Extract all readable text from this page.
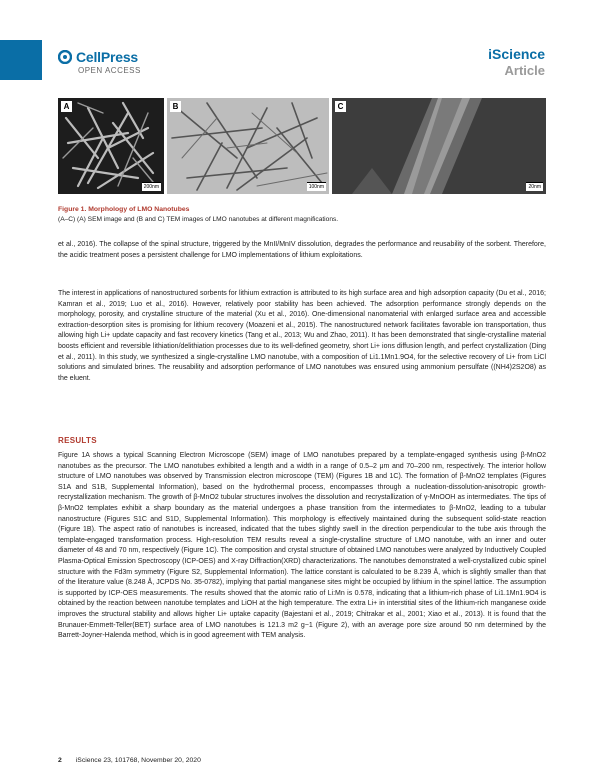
CellPress
OPEN ACCESS
iScience
Article
A
200nm
B
100nm
C
20nm
Figure 1. Morphology of LMO Nanotubes
(A–C) (A) SEM image and (B and C) TEM images of LMO nanotubes at different magnifications.

et al., 2016). The collapse of the spinal structure, triggered by the MnII/MnIV dissolution, degrades the performance and reusability of the sorbent. Therefore, the acidic treatment poses a persistent challenge for LMO implementations of lithium exploitations.

The interest in applications of nanostructured sorbents for lithium extraction is attributed to its high surface area and high adsorption capacity (Du et al., 2016; Kamran et al., 2019; Luo et al., 2016). However, relatively poor stability has been achieved. The adsorption performance strongly depends on the morphology, porosity, and crystalline structure of the material (Xu et al., 2016). One-dimensional nanomaterial with enlarged surface area and accessible extraction-desorption sites is promising for lithium recovery (Moazeni et al., 2015). The nanostructured network facilitates favorable ion transportation, thus allowing high Li+ update capacity and fast recovery kinetics (Tang et al., 2013; Wu and Zhao, 2011). It has been demonstrated that single-crystalline material boosts efficient and reversible lithiation/delithiation processes due to its well-defined geometry, short Li+ ions diffusion length, and perfect crystallization (Ding et al., 2011). In this study, we synthesized a single-crystalline LMO nanotube, with a composition of Li1.1Mn1.9O4, for the selective recovery of Li+ from LiCl solutions and simulated brines. The reusability and adsorption performance of LMO nanotubes was ensured using ammonium persulfate ((NH4)2S2O8) as the eluent.

RESULTS

Figure 1A shows a typical Scanning Electron Microscope (SEM) image of LMO nanotubes prepared by a template-engaged synthesis using β-MnO2 nanotubes as the precursor. The LMO nanotubes exhibited a length and a width in a range of 0.5–2 μm and 70–200 nm, respectively. The interior hollow structure of LMO nanotubes was observed by Transmission electron microscope (TEM) (Figures 1B and 1C). The formation of β-MnO2 templates (Figures S1A and S1B, Supplemental Information), based on the hydrothermal process, encompasses through a nucleation-dissolution-anisotropic growth-recrystallization mechanism. The growth of β-MnO2 tubular structures involves the dissolution and recrystallization of γ-MnOOH as intermediates. The tips of β-MnO2 templates exhibit a sharp boundary as the material undergoes a phase transition from the intermediates to β-MnO2, leading to a tubular nanostructure (Figures S1C and S1D, Supplemental Information). This morphology is effectively maintained during the subsequent solid-state reaction (Figure 1B). The aspect ratio of nanotubes is increased, indicated that the tubes slightly swell in the direction perpendicular to the tube axis through the template-engaged transformation process. High-resolution TEM results reveal a single-crystalline structure of LMO nanotube, with an inner and outer diameter of 48 and 70 nm, respectively (Figure 1C). The composition and crystal structure of obtained LMO nanotubes were analyzed by Inductively Coupled Plasma-Optical Emission Spectroscopy (ICP-OES) and X-ray Diffraction(XRD) characterizations. The nanotubes demonstrated a well-crystallized cubic spinel structure with the Fd3m symmetry (Figure S2, Supplemental Information). The lattice constant is calculated to be 8.239 Å, which is slightly smaller than that of the literature value (8.248 Å, JCPDS No. 35-0782), implying that partial manganese sites might be occupied by lithium in the spinel lattice. The assumption is supported by ICP-OES measurements. The results showed that the atomic ratio of Li:Mn is 0.578, indicating that a lithium-rich phase of Li1.1Mn1.9O4 is obtained by the reaction between nanotube templates and LiOH at the high temperature. The extra Li+ in interstitial sites of the lithium-rich manganese oxide improves the structural stability and allows higher Li+ uptake capacity (Bajestani et al., 2019; Chitrakar et al., 2001; Xiao et al., 2013). It is found that the Brunauer-Emmett-Teller(BET) surface area of LMO nanotubes is 121.3 m2 g−1 (Figure 2), with an average pore size around 50 nm determined by the Barrett-Joyner-Halenda method, which is in good agreement with TEM analysis.

2 iScience 23, 101768, November 20, 2020
